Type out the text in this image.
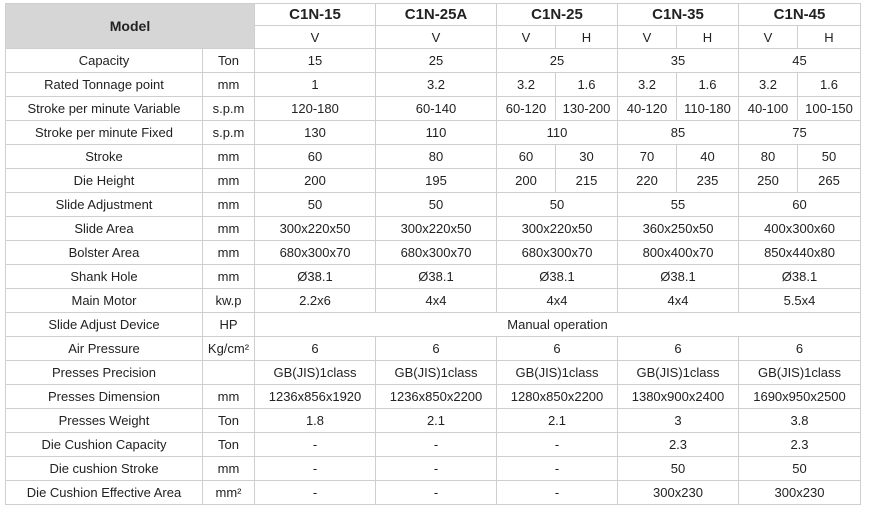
Model		C1N-15	C1N-25A	C1N-25		C1N-35		C1N-45	
		V	V	V	H	V	H	V	H
Capacity	Ton	15	25	25		35		45	
Rated Tonnage point	mm	1	3.2	3.2	1.6	3.2	1.6	3.2	1.6
Stroke per minute Variable	s.p.m	120-180	60-140	60-120	130-200	40-120	110-180	40-100	100-150
Stroke per minute Fixed	s.p.m	130	110	110		85		75	
Stroke	mm	60	80	60	30	70	40	80	50
Die Height	mm	200	195	200	215	220	235	250	265
Slide Adjustment	mm	50	50	50		55		60	
Slide Area	mm	300x220x50	300x220x50	300x220x50		360x250x50		400x300x60	
Bolster Area	mm	680x300x70	680x300x70	680x300x70		800x400x70		850x440x80	
Shank Hole	mm	Ø38.1	Ø38.1	Ø38.1		Ø38.1		Ø38.1	
Main Motor	kw.p	2.2x6	4x4	4x4		4x4		5.5x4	
Slide Adjust Device	HP	Manual operation							
Air Pressure	Kg/cm²	6	6	6		6		6	
Presses Precision		GB(JIS)1class	GB(JIS)1class	GB(JIS)1class		GB(JIS)1class		GB(JIS)1class	
Presses Dimension	mm	1236x856x1920	1236x850x2200	1280x850x2200		1380x900x2400		1690x950x2500	
Presses Weight	Ton	1.8	2.1	2.1		3		3.8	
Die Cushion Capacity	Ton	-	-	-		2.3		2.3	
Die cushion Stroke	mm	-	-	-		50		50	
Die Cushion Effective Area	mm²	-	-	-		300x230		300x230	
